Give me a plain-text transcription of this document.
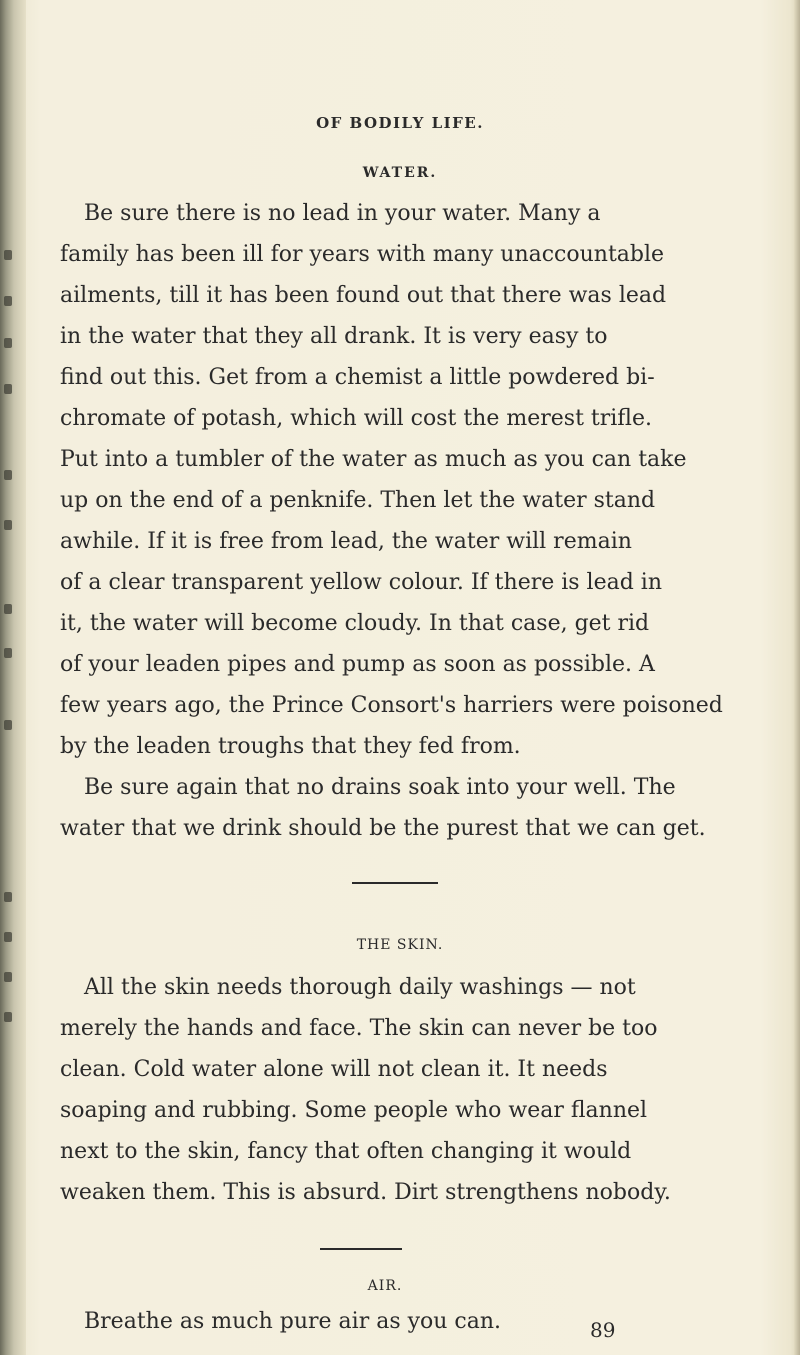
OF BODILY LIFE.
WATER.
Be sure there is no lead in your water. Many a
family has been ill for years with many unaccountable
ailments, till it has been found out that there was lead
in the water that they all drank. It is very easy to
find out this. Get from a chemist a little powdered bi-
chromate of potash, which will cost the merest trifle.
Put into a tumbler of the water as much as you can take
up on the end of a penknife. Then let the water stand
awhile. If it is free from lead, the water will remain
of a clear transparent yellow colour. If there is lead in
it, the water will become cloudy. In that case, get rid
of your leaden pipes and pump as soon as possible. A
few years ago, the Prince Consort's harriers were poisoned
by the leaden troughs that they fed from.
Be sure again that no drains soak into your well. The
water that we drink should be the purest that we can get.
THE SKIN.
All the skin needs thorough daily washings — not
merely the hands and face. The skin can never be too
clean. Cold water alone will not clean it. It needs
soaping and rubbing. Some people who wear flannel
next to the skin, fancy that often changing it would
weaken them. This is absurd. Dirt strengthens nobody.
AIR.
Breathe as much pure air as you can.	89
